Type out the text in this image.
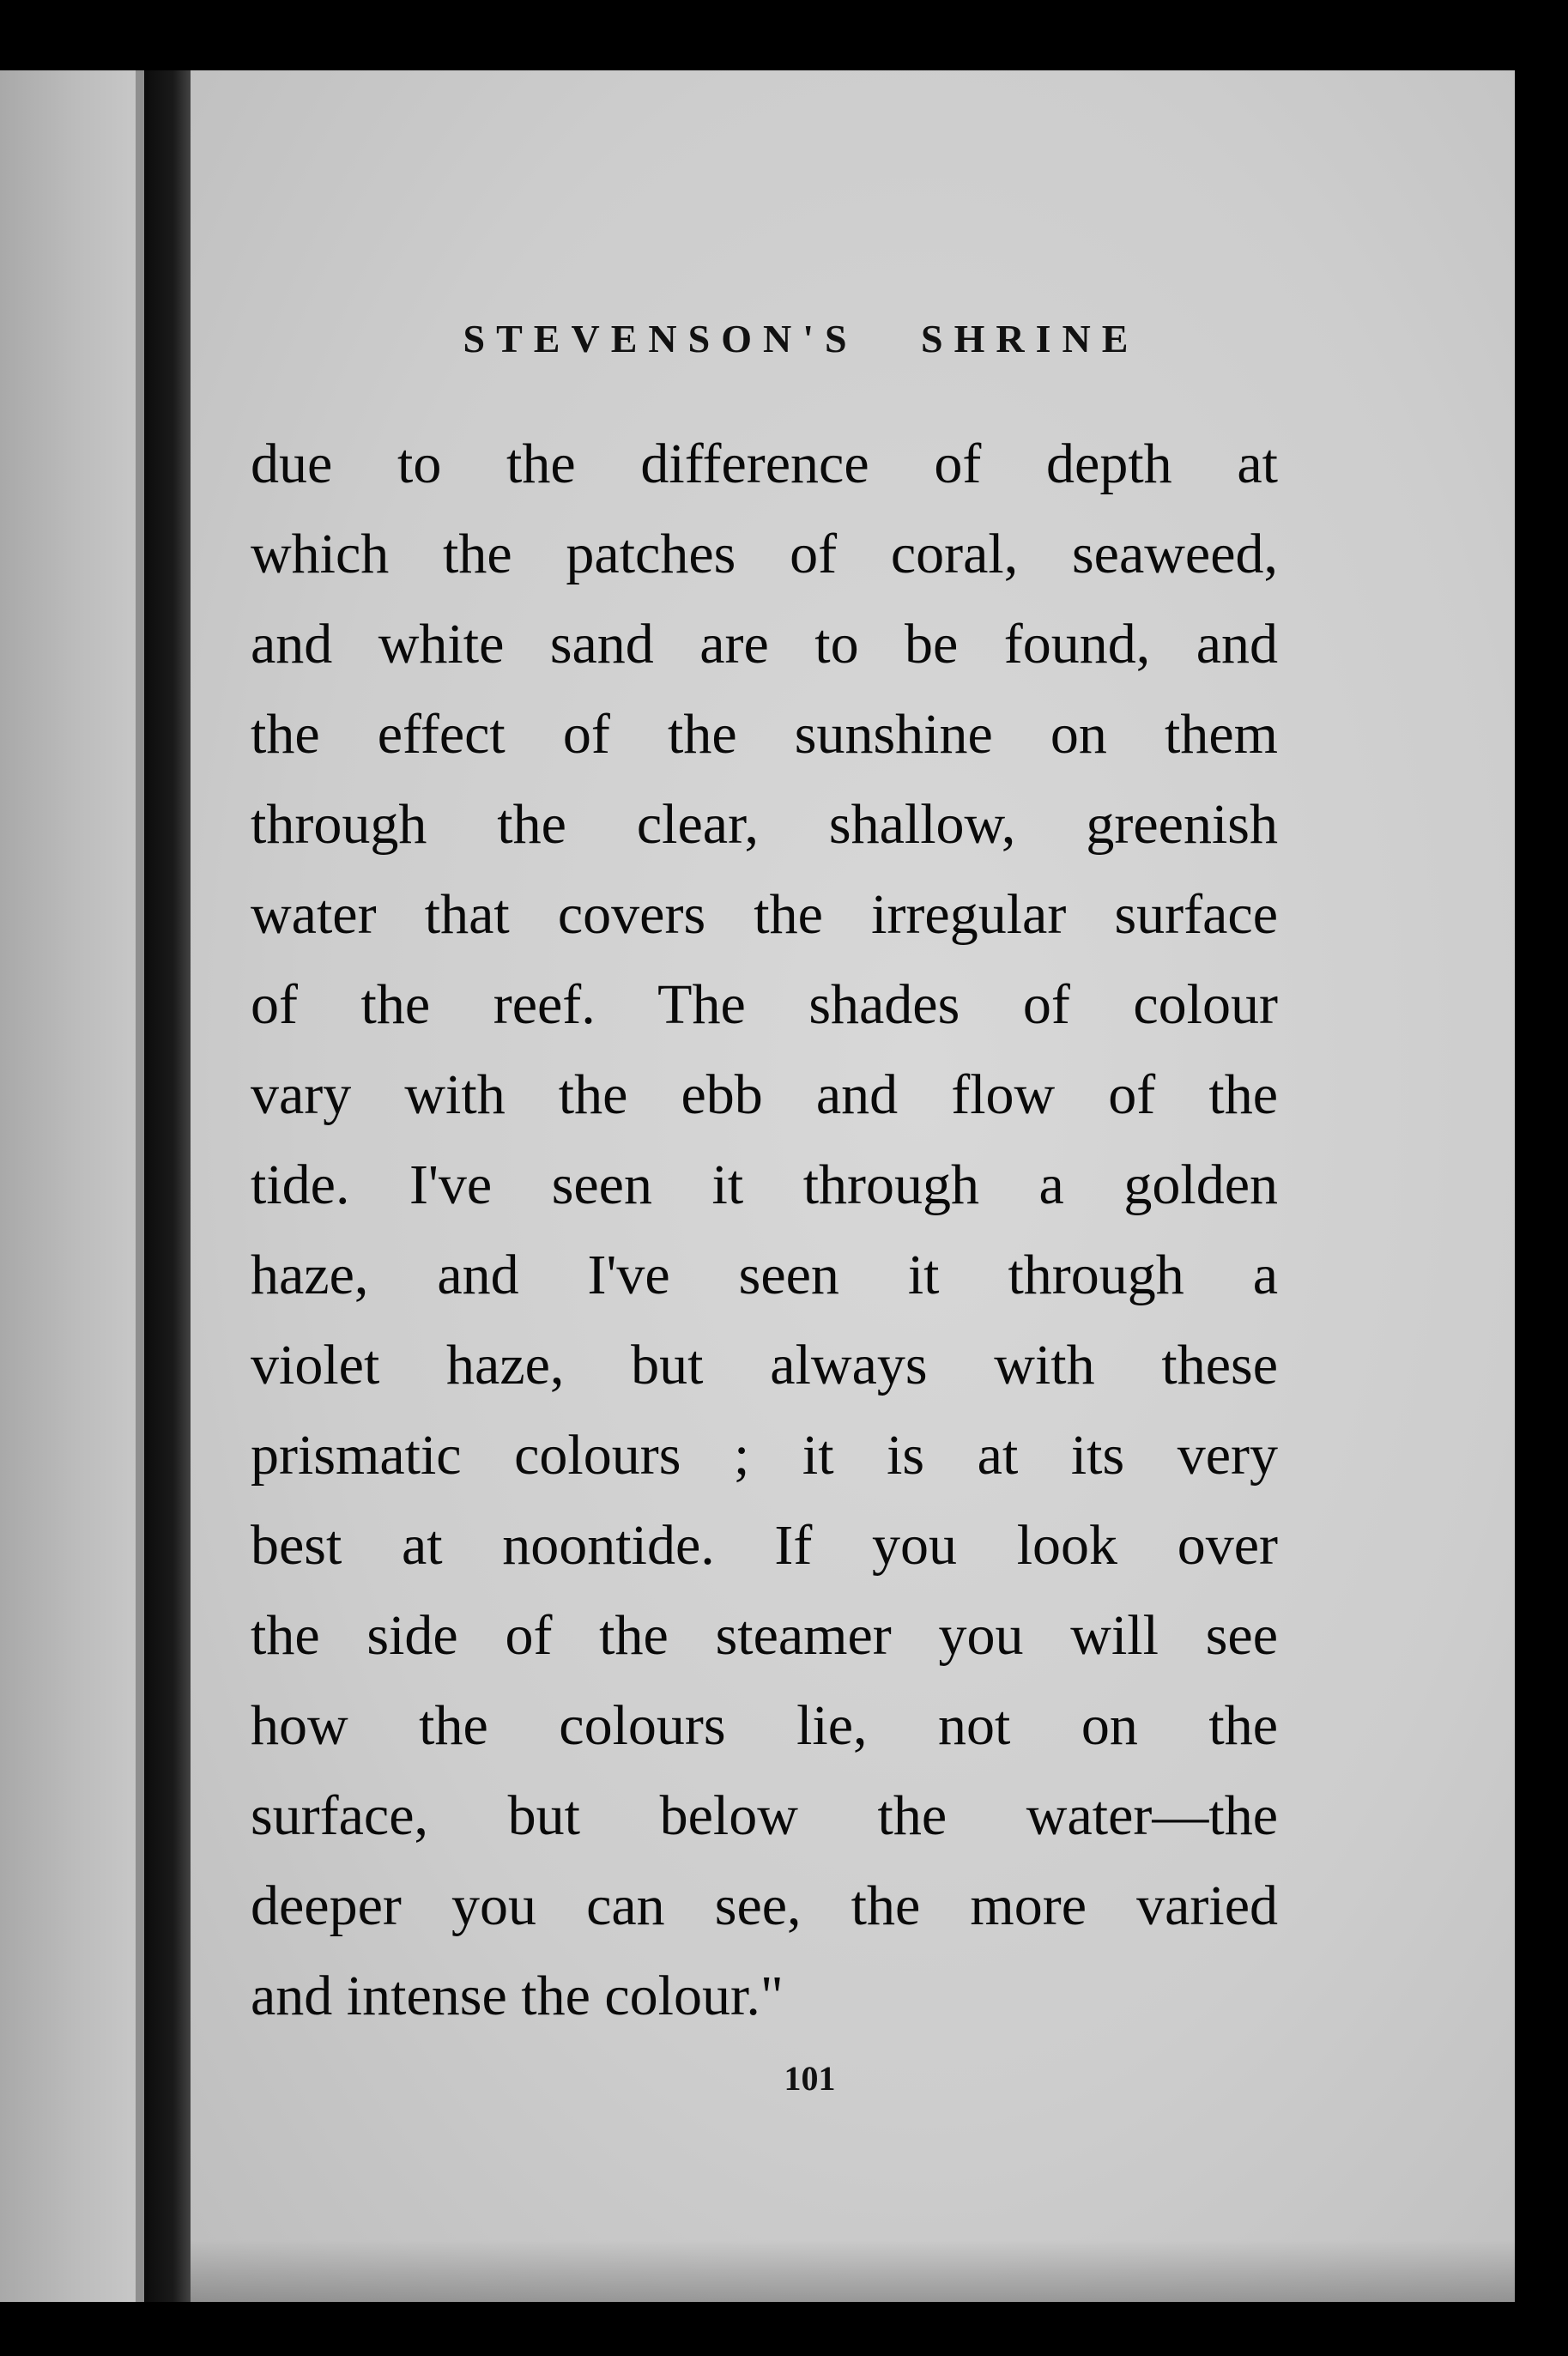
STEVENSON'S   SHRINE
due to the difference of depth at
which the patches of coral, seaweed,
and white sand are to be found, and
the effect of the sunshine on them
through the clear, shallow, greenish
water that covers the irregular surface
of the reef. The shades of colour
vary with the ebb and flow of the
tide. I've seen it through a golden
haze, and I've seen it through a
violet haze, but always with these
prismatic colours ; it is at its very
best at noontide. If you look over
the side of the steamer you will see
how the colours lie, not on the
surface, but below the water—the
deeper you can see, the more varied
and intense the colour."
101
